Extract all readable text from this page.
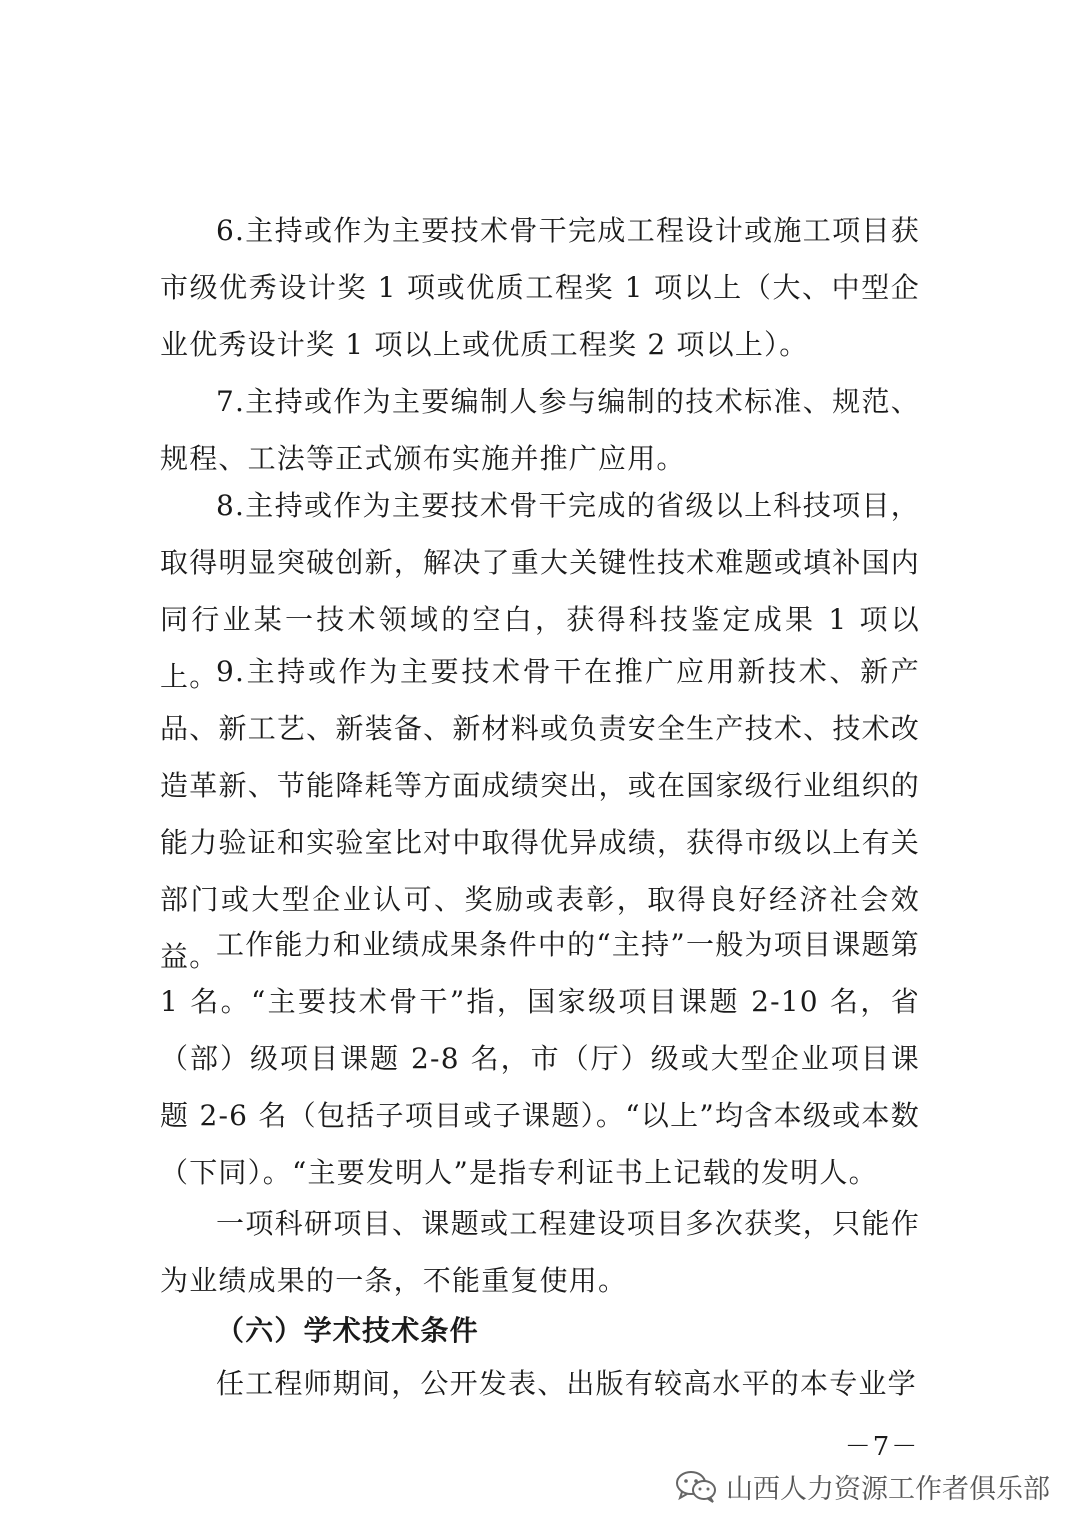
6.主持或作为主要技术骨干完成工程设计或施工项目获市级优秀设计奖 1 项或优质工程奖 1 项以上（大、中型企业优秀设计奖 1 项以上或优质工程奖 2 项以上）。

7.主持或作为主要编制人参与编制的技术标准、规范、规程、工法等正式颁布实施并推广应用。

8.主持或作为主要技术骨干完成的省级以上科技项目，取得明显突破创新，解决了重大关键性技术难题或填补国内同行业某一技术领域的空白，获得科技鉴定成果 1 项以上。

9.主持或作为主要技术骨干在推广应用新技术、新产品、新工艺、新装备、新材料或负责安全生产技术、技术改造革新、节能降耗等方面成绩突出，或在国家级行业组织的能力验证和实验室比对中取得优异成绩，获得市级以上有关部门或大型企业认可、奖励或表彰，取得良好经济社会效益。

工作能力和业绩成果条件中的“主持”一般为项目课题第 1 名。“主要技术骨干”指，国家级项目课题 2-10 名，省（部）级项目课题 2-8 名，市（厅）级或大型企业项目课题 2-6 名（包括子项目或子课题）。“以上”均含本级或本数（下同）。“主要发明人”是指专利证书上记载的发明人。

一项科研项目、课题或工程建设项目多次获奖，只能作为业绩成果的一条，不能重复使用。

（六）学术技术条件

任工程师期间，公开发表、出版有较高水平的本专业学

－7－
山西人力资源工作者俱乐部
